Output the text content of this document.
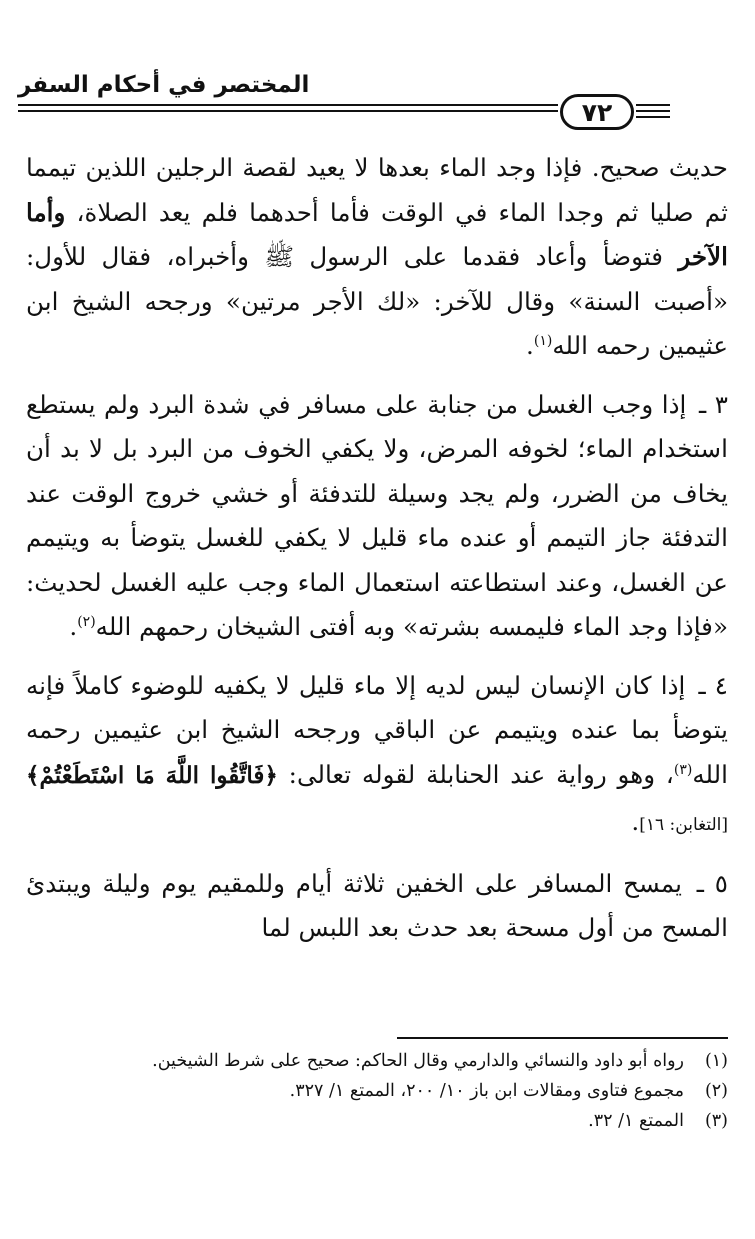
المختصر في أحكام السفر
٧٢

حديث صحيح. فإذا وجد الماء بعدها لا يعيد لقصة الرجلين اللذين تيمما ثم صليا ثم وجدا الماء في الوقت فأما أحدهما فلم يعد الصلاة، وأما الآخر فتوضأ وأعاد فقدما على الرسول ﷺ وأخبراه، فقال للأول: «أصبت السنة» وقال للآخر: «لك الأجر مرتين» ورجحه الشيخ ابن عثيمين رحمه الله$^{(١)}$.

٣ ـ إذا وجب الغسل من جنابة على مسافر في شدة البرد ولم يستطع استخدام الماء؛ لخوفه المرض، ولا يكفي الخوف من البرد بل لا بد أن يخاف من الضرر، ولم يجد وسيلة للتدفئة أو خشي خروج الوقت عند التدفئة جاز التيمم أو عنده ماء قليل لا يكفي للغسل يتوضأ به ويتيمم عن الغسل، وعند استطاعته استعمال الماء وجب عليه الغسل لحديث: «فإذا وجد الماء فليمسه بشرته» وبه أفتى الشيخان رحمهم الله$^{(٢)}$.

٤ ـ إذا كان الإنسان ليس لديه إلا ماء قليل لا يكفيه للوضوء كاملاً فإنه يتوضأ بما عنده ويتيمم عن الباقي ورجحه الشيخ ابن عثيمين رحمه الله$^{(٣)}$، وهو رواية عند الحنابلة لقوله تعالى: ﴿فَاتَّقُوا اللَّهَ مَا اسْتَطَعْتُمْ﴾ [التغابن: ١٦].

٥ ـ يمسح المسافر على الخفين ثلاثة أيام وللمقيم يوم وليلة ويبتدئ المسح من أول مسحة بعد حدث بعد اللبس لما

(١)
رواه أبو داود والنسائي والدارمي وقال الحاكم: صحيح على شرط الشيخين.
(٢)
مجموع فتاوى ومقالات ابن باز ١٠/ ٢٠٠، الممتع ١/ ٣٢٧.
(٣)
الممتع ١/ ٣٢.
